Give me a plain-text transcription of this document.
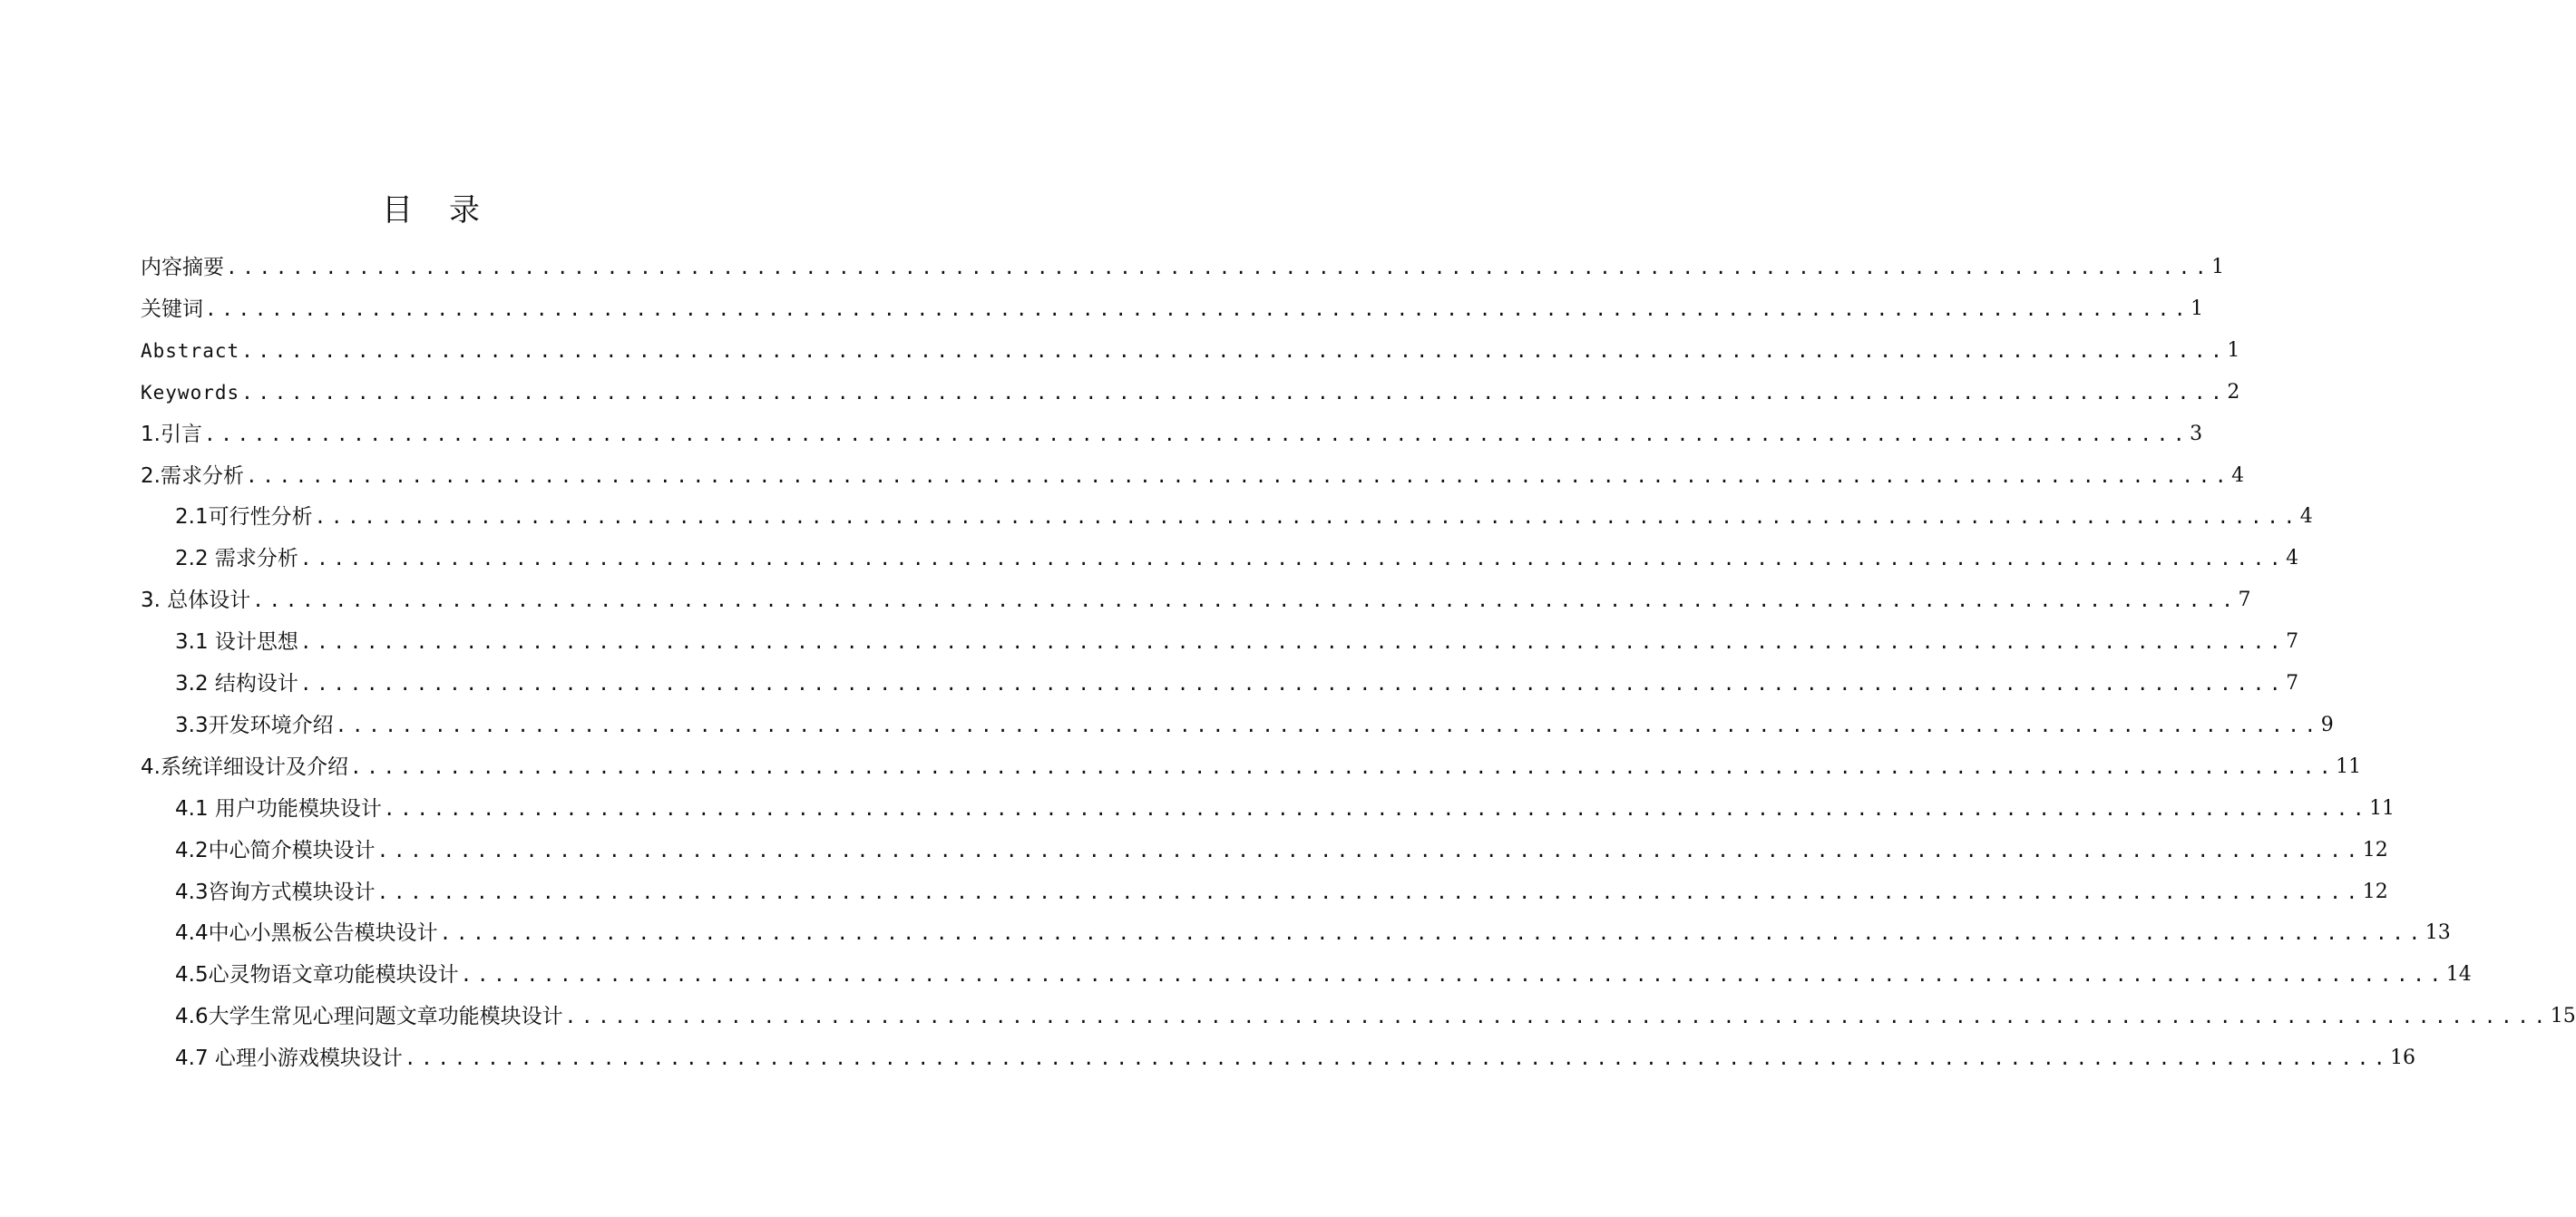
目录
内容摘要 ........................................................................................................................ 1
关键词 ........................................................................................................................ 1
Abstract ........................................................................................................................ 1
Keywords ........................................................................................................................ 2
1.引言 ........................................................................................................................ 3
2.需求分析 ........................................................................................................................ 4
2.1可行性分析 ........................................................................................................................ 4
2.2 需求分析 ........................................................................................................................ 4
3. 总体设计 ........................................................................................................................ 7
3.1 设计思想 ........................................................................................................................ 7
3.2 结构设计 ........................................................................................................................ 7
3.3开发环境介绍 ........................................................................................................................ 9
4.系统详细设计及介绍 ........................................................................................................................ 11
4.1 用户功能模块设计 ........................................................................................................................ 11
4.2中心简介模块设计 ........................................................................................................................ 12
4.3咨询方式模块设计 ........................................................................................................................ 12
4.4中心小黑板公告模块设计 ........................................................................................................................ 13
4.5心灵物语文章功能模块设计 ........................................................................................................................ 14
4.6大学生常见心理问题文章功能模块设计 ........................................................................................................................ 15
4.7 心理小游戏模块设计 ........................................................................................................................ 16
